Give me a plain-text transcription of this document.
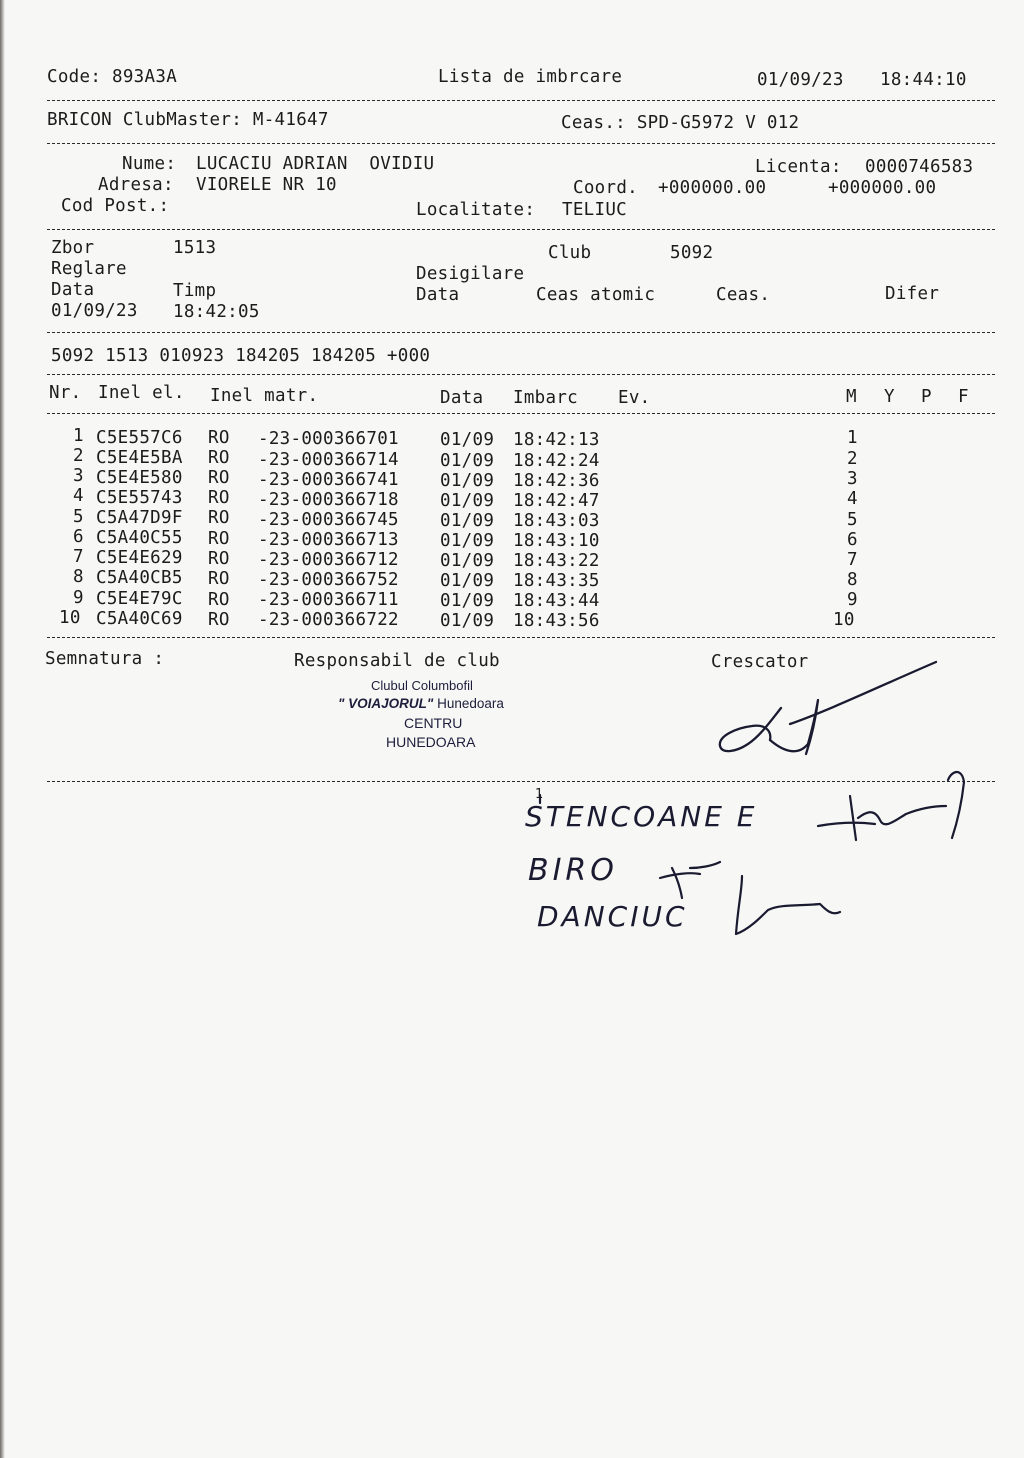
Code: 893A3A	Lista de imbrcare	01/09/23 18:44:10
BRICON ClubMaster: M-41647	Ceas.: SPD-G5972 V 012
Nume: LUCACIU ADRIAN  OVIDIU	Licenta: 0000746583
Adresa: VIORELE NR 10	Coord. +000000.00	+000000.00
Cod Post.:	Localitate: TELIUC
Zbor	1513	Club	5092
Reglare	Desigilare
Data	Timp	Data	Ceas atomic	Ceas.	Difer
01/09/23 18:42:05
5092 1513 010923 184205 184205 +000
Nr. Inel el. Inel matr.	Data Imbarc Ev.	M Y P F
1 C5E557C6 RO -23-000366701 01/09 18:42:13	1
2 C5E4E5BA RO -23-000366714 01/09 18:42:24	2
3 C5E4E580 RO -23-000366741 01/09 18:42:36	3
4 C5E55743 RO -23-000366718 01/09 18:42:47	4
5 C5A47D9F RO -23-000366745 01/09 18:43:03	5
6 C5A40C55 RO -23-000366713 01/09 18:43:10	6
7 C5E4E629 RO -23-000366712 01/09 18:43:22	7
8 C5A40CB5 RO -23-000366752 01/09 18:43:35	8
9 C5E4E79C RO -23-000366711 01/09 18:43:44	9
10 C5A40C69 RO -23-000366722 01/09 18:43:56	10
Semnatura :	Responsabil de club	Crescator
Clubul Columbofil
" VOIAJORUL" Hunedoara
CENTRU
HUNEDOARA
1
STENCOANE E
BIRO
DANCIUC
